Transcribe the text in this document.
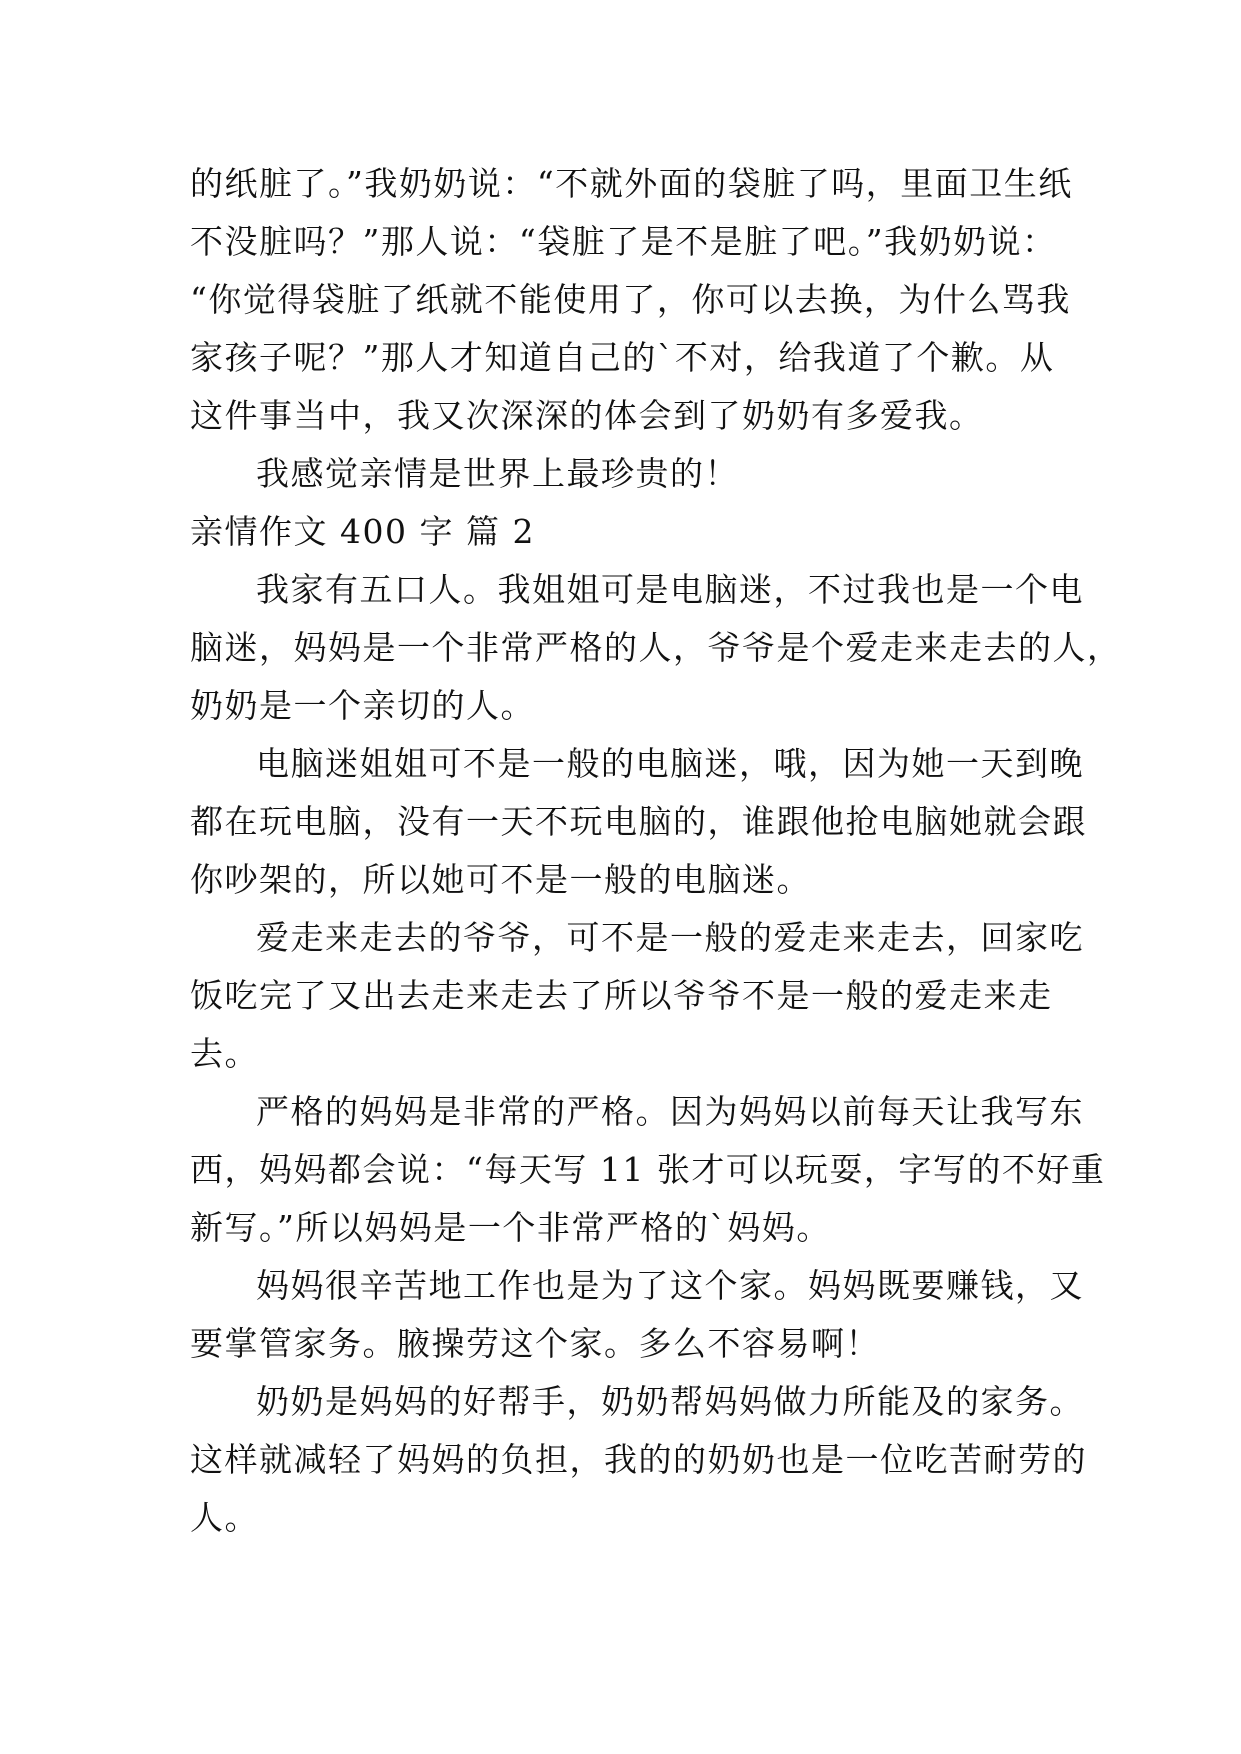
的纸脏了。”我奶奶说：“不就外面的袋脏了吗，里面卫生纸
不没脏吗？”那人说：“袋脏了是不是脏了吧。”我奶奶说：
“你觉得袋脏了纸就不能使用了，你可以去换，为什么骂我
家孩子呢？”那人才知道自己的`不对，给我道了个歉。从
这件事当中，我又次深深的体会到了奶奶有多爱我。
我感觉亲情是世界上最珍贵的！
亲情作文 400 字 篇 2
我家有五口人。我姐姐可是电脑迷，不过我也是一个电
脑迷，妈妈是一个非常严格的人，爷爷是个爱走来走去的人，
奶奶是一个亲切的人。
电脑迷姐姐可不是一般的电脑迷，哦，因为她一天到晚
都在玩电脑，没有一天不玩电脑的，谁跟他抢电脑她就会跟
你吵架的，所以她可不是一般的电脑迷。
爱走来走去的爷爷，可不是一般的爱走来走去，回家吃
饭吃完了又出去走来走去了所以爷爷不是一般的爱走来走
去。
严格的妈妈是非常的严格。因为妈妈以前每天让我写东
西，妈妈都会说：“每天写 11 张才可以玩耍，字写的不好重
新写。”所以妈妈是一个非常严格的`妈妈。
妈妈很辛苦地工作也是为了这个家。妈妈既要赚钱，又
要掌管家务。腋操劳这个家。多么不容易啊！
奶奶是妈妈的好帮手，奶奶帮妈妈做力所能及的家务。
这样就减轻了妈妈的负担，我的的奶奶也是一位吃苦耐劳的
人。
